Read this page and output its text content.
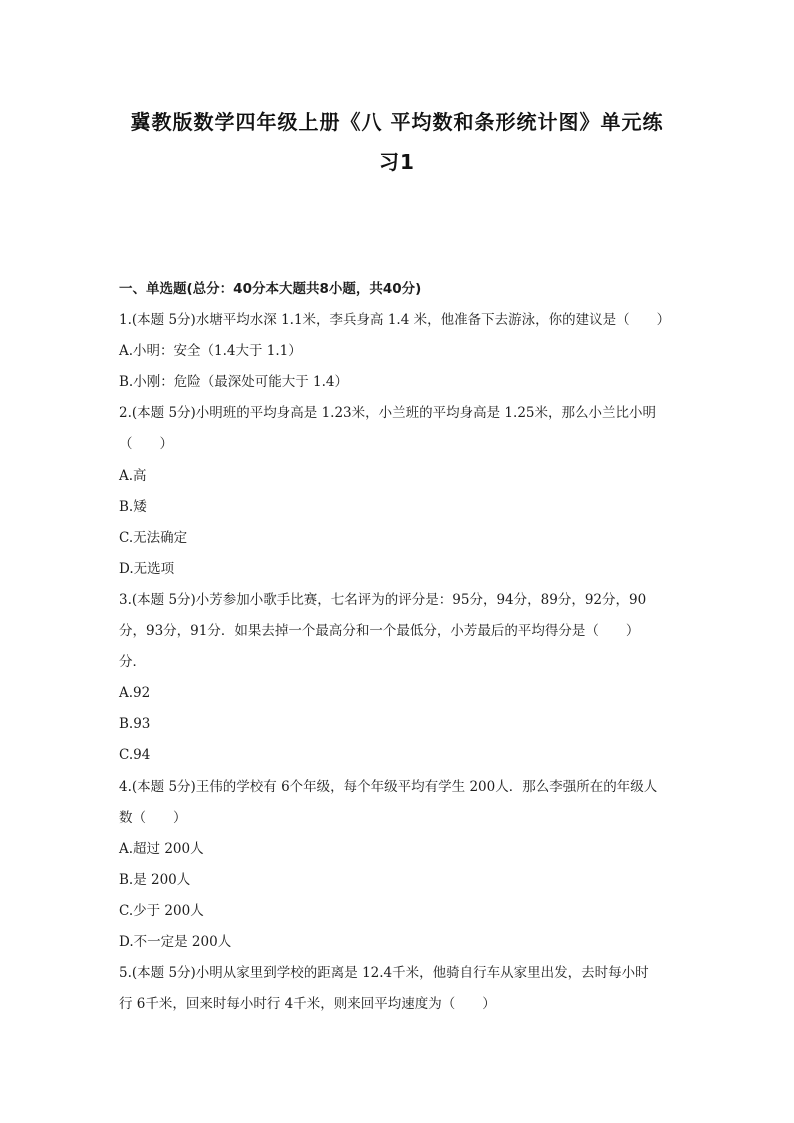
冀教版数学四年级上册《八 平均数和条形统计图》单元练
习1
一、单选题(总分：40分本大题共8小题，共40分)
1.(本题 5分)水塘平均水深 1.1米，李兵身高 1.4 米，他准备下去游泳，你的建议是（　　）
A.小明：安全（1.4大于 1.1）
B.小刚：危险（最深处可能大于 1.4）
2.(本题 5分)小明班的平均身高是 1.23米，小兰班的平均身高是 1.25米，那么小兰比小明
（　　）
A.高
B.矮
C.无法确定
D.无选项
3.(本题 5分)小芳参加小歌手比赛，七名评为的评分是：95分，94分，89分，92分，90
分，93分，91分．如果去掉一个最高分和一个最低分，小芳最后的平均得分是（　　）
分．
A.92
B.93
C.94
4.(本题 5分)王伟的学校有 6个年级，每个年级平均有学生 200人．那么李强所在的年级人
数（　　）
A.超过 200人
B.是 200人
C.少于 200人
D.不一定是 200人
5.(本题 5分)小明从家里到学校的距离是 12.4千米，他骑自行车从家里出发，去时每小时
行 6千米，回来时每小时行 4千米，则来回平均速度为（　　）
